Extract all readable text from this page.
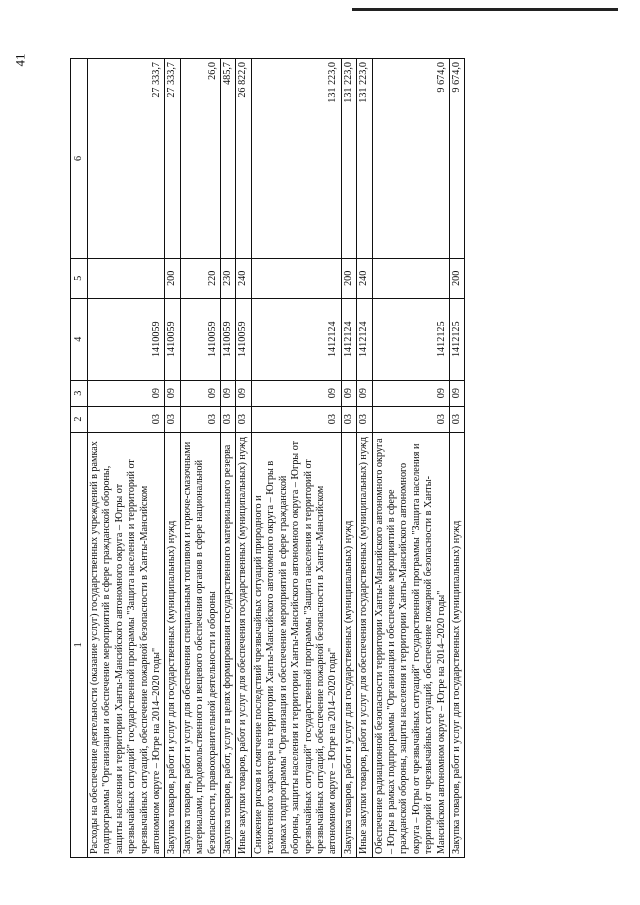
41
1	2	3	4	5	6
Расходы на обеспечение деятельности (оказание услуг) государственных учреждений в рамках подпрограммы "Организация и обеспечение мероприятий в сфере гражданской обороны, защиты населения и территории Ханты-Мансийского автономного округа – Югры от чрезвычайных ситуаций" государственной программы "Защита населения и территорий от чрезвычайных ситуаций, обеспечение пожарной безопасности в Ханты-Мансийском автономном округе – Югре на 2014–2020 годы"	03	09	1410059		27 333,7
Закупка товаров, работ и услуг для государственных (муниципальных) нужд	03	09	1410059	200	27 333,7
Закупка товаров, работ и услуг для обеспечения специальным топливом и горюче-смазочными материалами, продовольственного и вещевого обеспечения органов в сфере национальной безопасности, правоохранительной деятельности и обороны	03	09	1410059	220	26,0
Закупка товаров, работ, услуг в целях формирования государственного материального резерва	03	09	1410059	230	485,7
Иные закупки товаров, работ и услуг для обеспечения государственных (муниципальных) нужд	03	09	1410059	240	26 822,0
Снижение рисков и смягчение последствий чрезвычайных ситуаций природного и техногенного характера на территории Ханты-Мансийского автономного округа – Югры в рамках подпрограммы "Организация и обеспечение мероприятий в сфере гражданской обороны, защиты населения и территории Ханты-Мансийского автономного округа – Югры от чрезвычайных ситуаций" государственной программы "Защита населения и территорий от чрезвычайных ситуаций, обеспечение пожарной безопасности в Ханты-Мансийском автономном округе – Югре на 2014–2020 годы"	03	09	1412124		131 223,0
Закупка товаров, работ и услуг для государственных (муниципальных) нужд	03	09	1412124	200	131 223,0
Иные закупки товаров, работ и услуг для обеспечения государственных (муниципальных) нужд	03	09	1412124	240	131 223,0
Обеспечение радиационной безопасности территории Ханты-Мансийского автономного округа – Югры в рамках подпрограммы "Организация и обеспечение мероприятий в сфере гражданской обороны, защиты населения и территории Ханты-Мансийского автономного округа – Югры от чрезвычайных ситуаций" государственной программы "Защита населения и территорий от чрезвычайных ситуаций, обеспечение пожарной безопасности в Ханты-Мансийском автономном округе – Югре на 2014–2020 годы"	03	09	1412125		9 674,0
Закупка товаров, работ и услуг для государственных (муниципальных) нужд	03	09	1412125	200	9 674,0
